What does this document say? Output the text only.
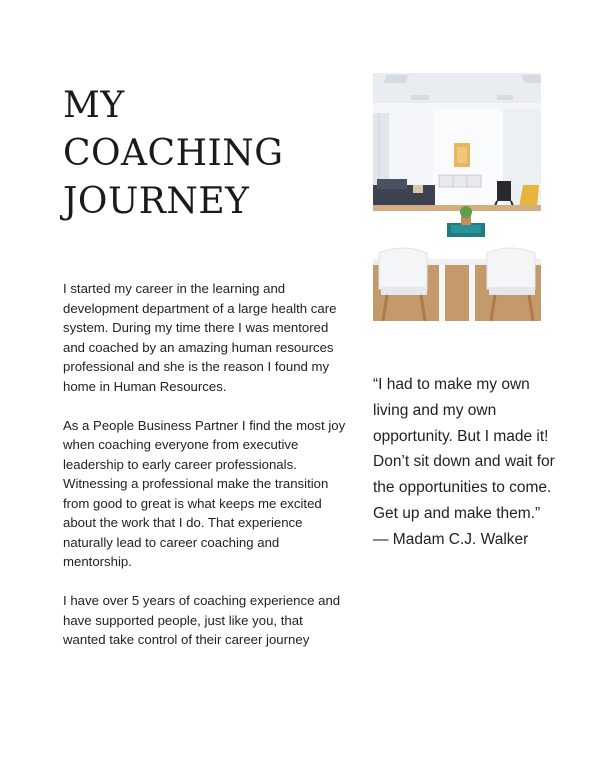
MY
COACHING
JOURNEY

I started my career in the learning and development department of a large health care system. During my time there I was mentored and coached by an amazing human resources professional and she is the reason I found my home in Human Resources.

As a People Business Partner I find the most joy when coaching everyone from executive leadership to early career professionals. Witnessing a professional make the transition from good to great is what keeps me excited about the work that I do. That experience naturally lead to career coaching and mentorship.

I have over 5 years of coaching experience and have supported people, just like you, that wanted take control of their career journey

“I had to make my own living and my own opportunity. But I made it! Don’t sit down and wait for the opportunities to come. Get up and make them.” — Madam C.J. Walker
